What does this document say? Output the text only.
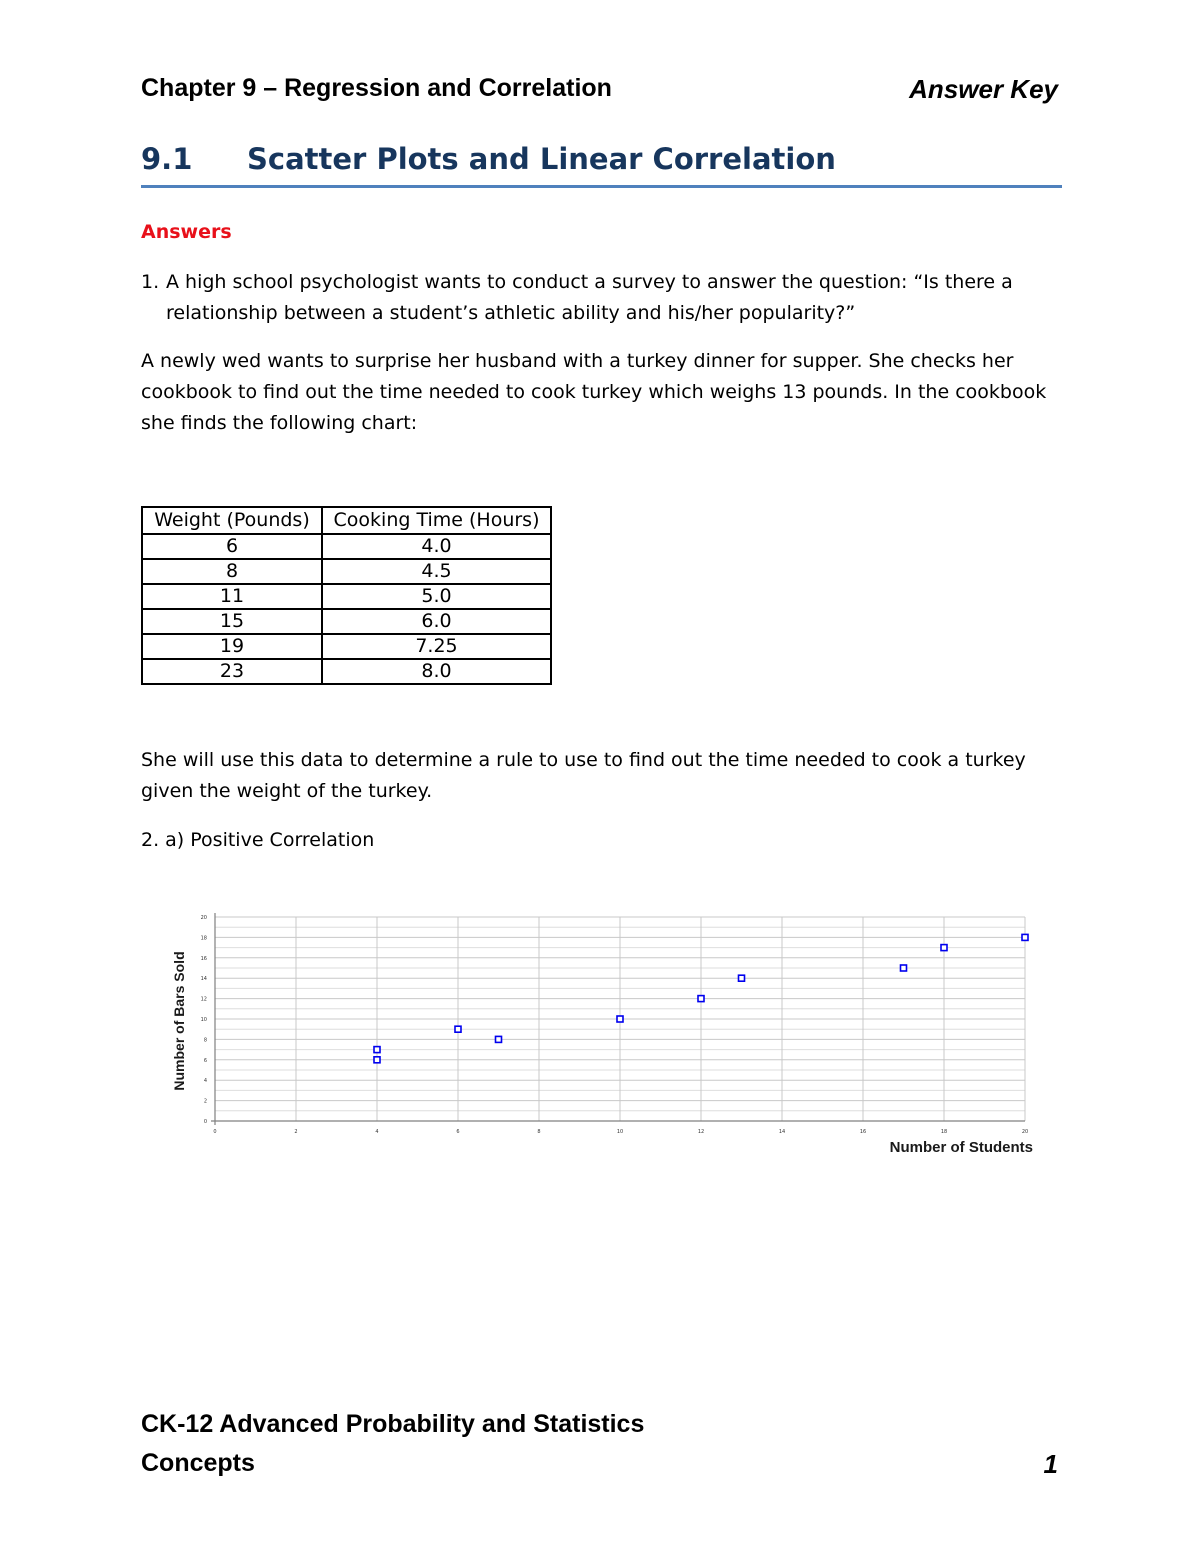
Chapter 9 – Regression and Correlation	Answer Key
9.1 Scatter Plots and Linear Correlation
Answers
1. A high school psychologist wants to conduct a survey to answer the question: “Is there a relationship between a student’s athletic ability and his/her popularity?”
A newly wed wants to surprise her husband with a turkey dinner for supper. She checks her cookbook to find out the time needed to cook turkey which weighs 13 pounds. In the cookbook she finds the following chart:
Weight (Pounds)	Cooking Time (Hours)
6	4.0
8	4.5
11	5.0
15	6.0
19	7.25
23	8.0
She will use this data to determine a rule to use to find out the time needed to cook a turkey given the weight of the turkey.
2. a) Positive Correlation
0
2
4
6
8
10
12
14
16
18
20
0	2	4	6	8	10	12	14	16	18	20
Number of Students
Number of Bars Sold
CK-12 Advanced Probability and Statistics
Concepts	1
